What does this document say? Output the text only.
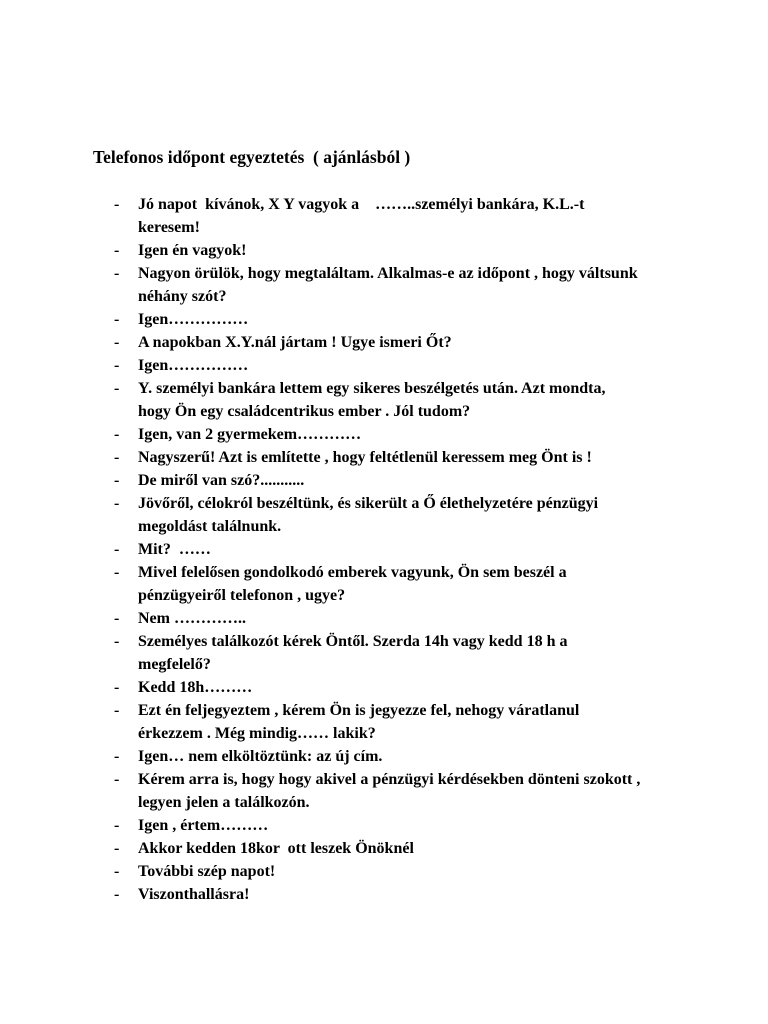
Telefonos időpont egyeztetés  ( ajánlásból )
- Jó napot  kívánok, X Y vagyok a    ……..személyi bankára, K.L.-t
keresem!
- Igen én vagyok!
- Nagyon örülök, hogy megtaláltam. Alkalmas-e az időpont , hogy váltsunk
néhány szót?
- Igen……………
- A napokban X.Y.nál jártam ! Ugye ismeri Őt?
- Igen……………
- Y. személyi bankára lettem egy sikeres beszélgetés után. Azt mondta,
hogy Ön egy családcentrikus ember . Jól tudom?
- Igen, van 2 gyermekem…………
- Nagyszerű! Azt is említette , hogy feltétlenül keressem meg Önt is !
- De miről van szó?...........
- Jövőről, célokról beszéltünk, és sikerült a Ő élethelyzetére pénzügyi
megoldást találnunk.
- Mit?  ……
- Mivel felelősen gondolkodó emberek vagyunk, Ön sem beszél a
pénzügyeiről telefonon , ugye?
- Nem …………..
- Személyes találkozót kérek Öntől. Szerda 14h vagy kedd 18 h a
megfelelő?
- Kedd 18h………
- Ezt én feljegyeztem , kérem Ön is jegyezze fel, nehogy váratlanul
érkezzem . Még mindig…… lakik?
- Igen… nem elköltöztünk: az új cím.
- Kérem arra is, hogy hogy akivel a pénzügyi kérdésekben dönteni szokott ,
legyen jelen a találkozón.
- Igen , értem………
- Akkor kedden 18kor  ott leszek Önöknél
- További szép napot!
- Viszonthallásra!
